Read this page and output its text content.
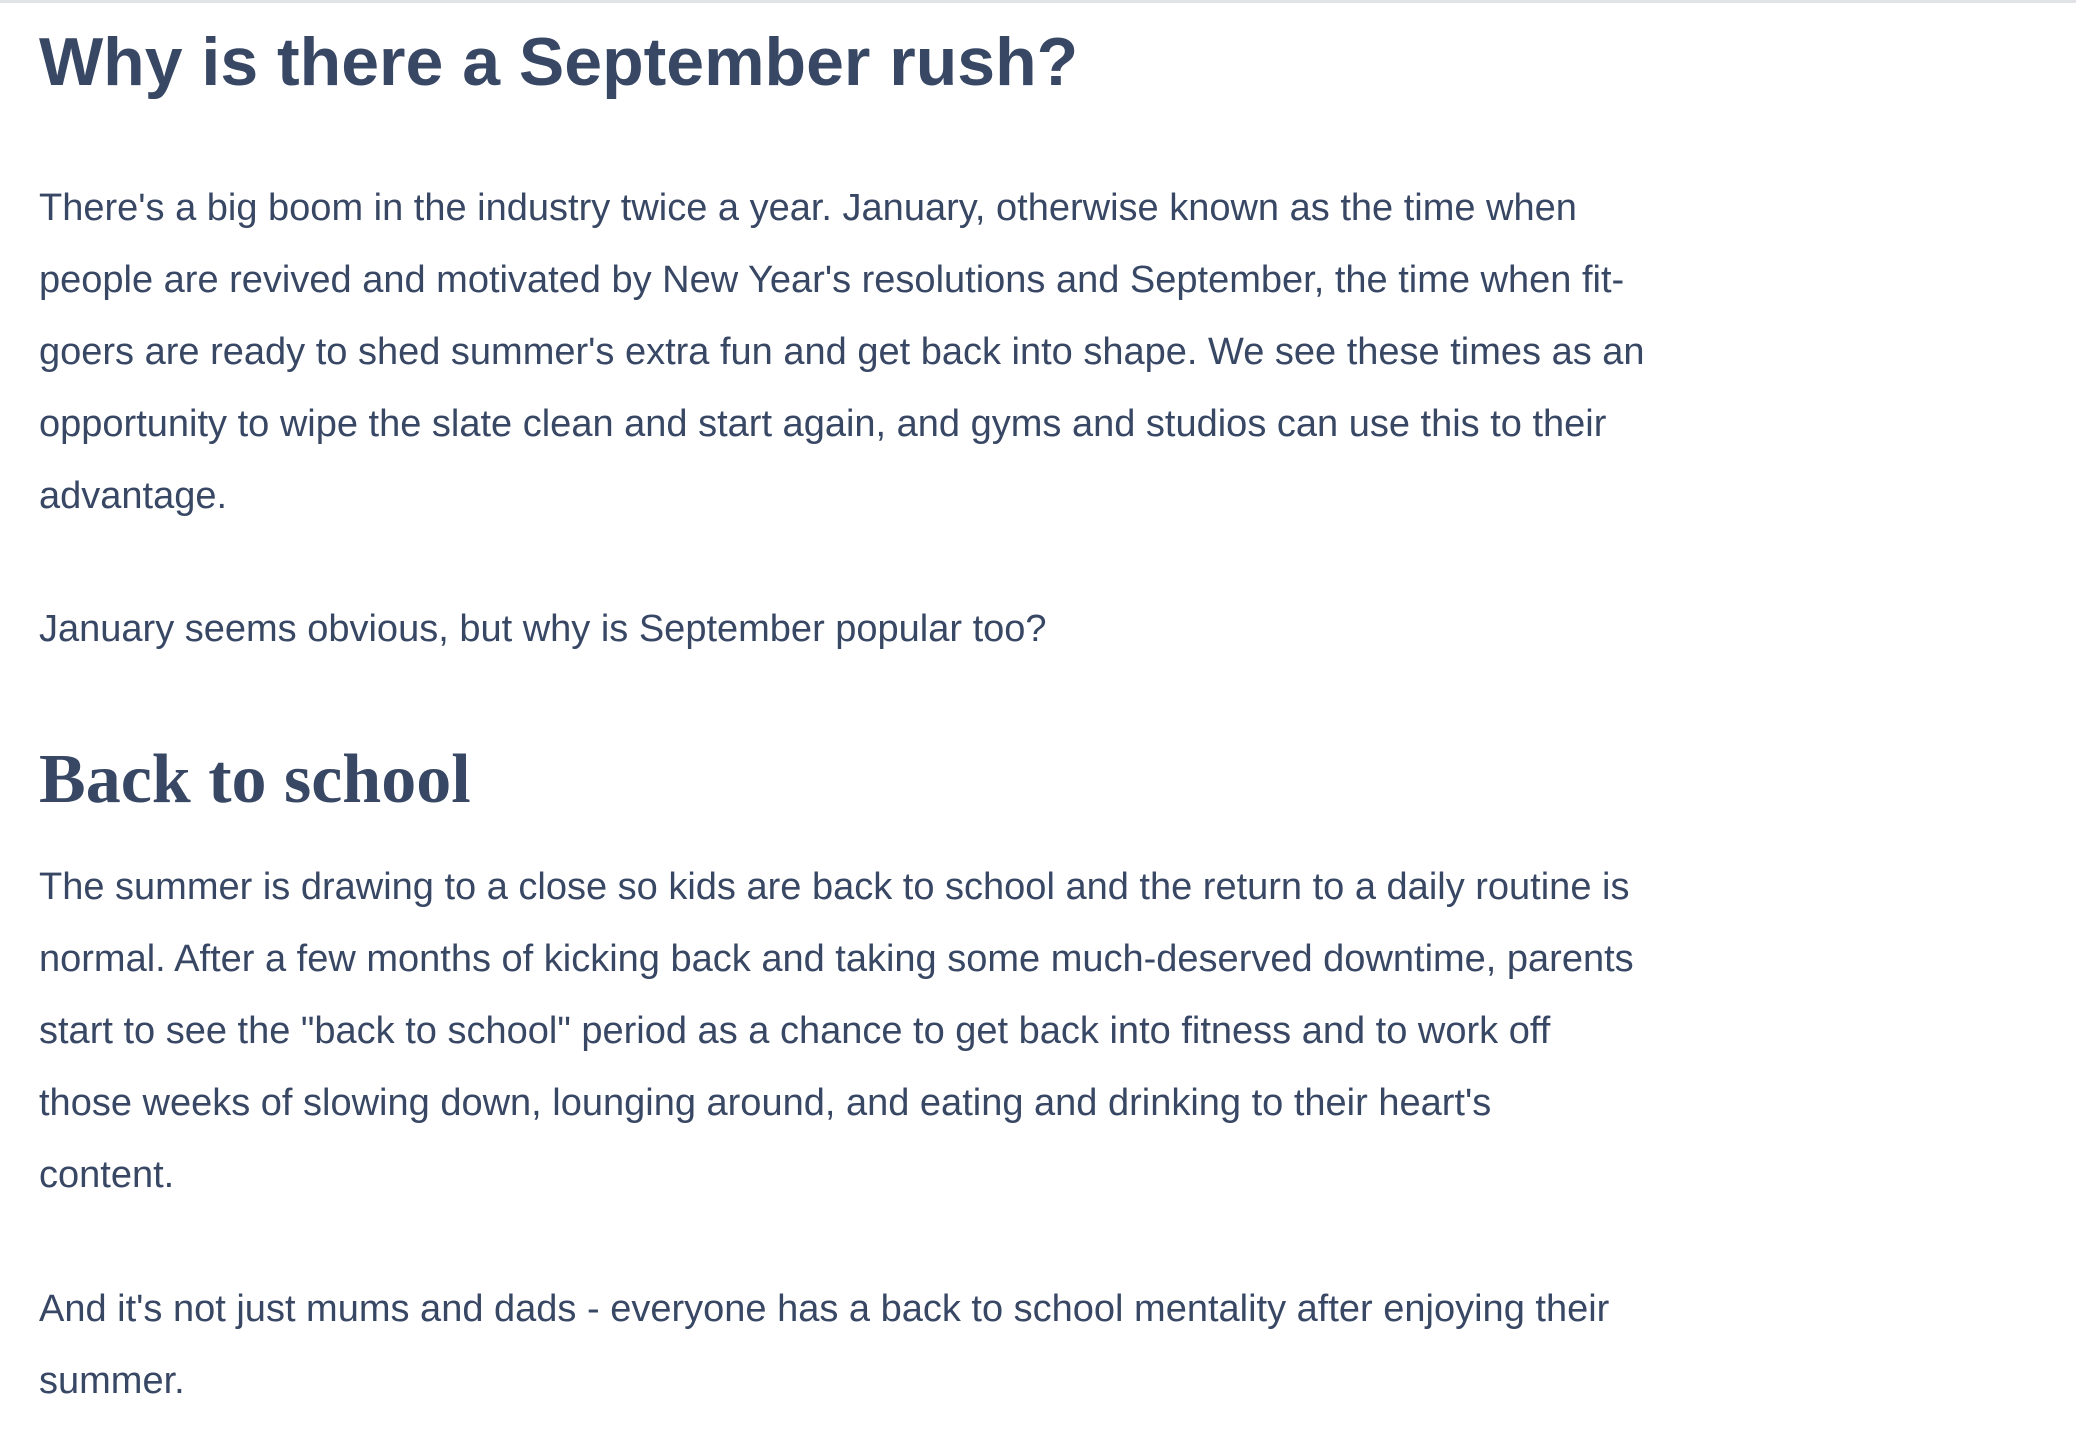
Why is there a September rush?
There's a big boom in the industry twice a year. January, otherwise known as the time when
people are revived and motivated by New Year's resolutions and September, the time when fit-
goers are ready to shed summer's extra fun and get back into shape. We see these times as an
opportunity to wipe the slate clean and start again, and gyms and studios can use this to their
advantage.
January seems obvious, but why is September popular too?
Back to school
The summer is drawing to a close so kids are back to school and the return to a daily routine is
normal. After a few months of kicking back and taking some much-deserved downtime, parents
start to see the "back to school" period as a chance to get back into fitness and to work off
those weeks of slowing down, lounging around, and eating and drinking to their heart's
content.
And it's not just mums and dads - everyone has a back to school mentality after enjoying their
summer.
